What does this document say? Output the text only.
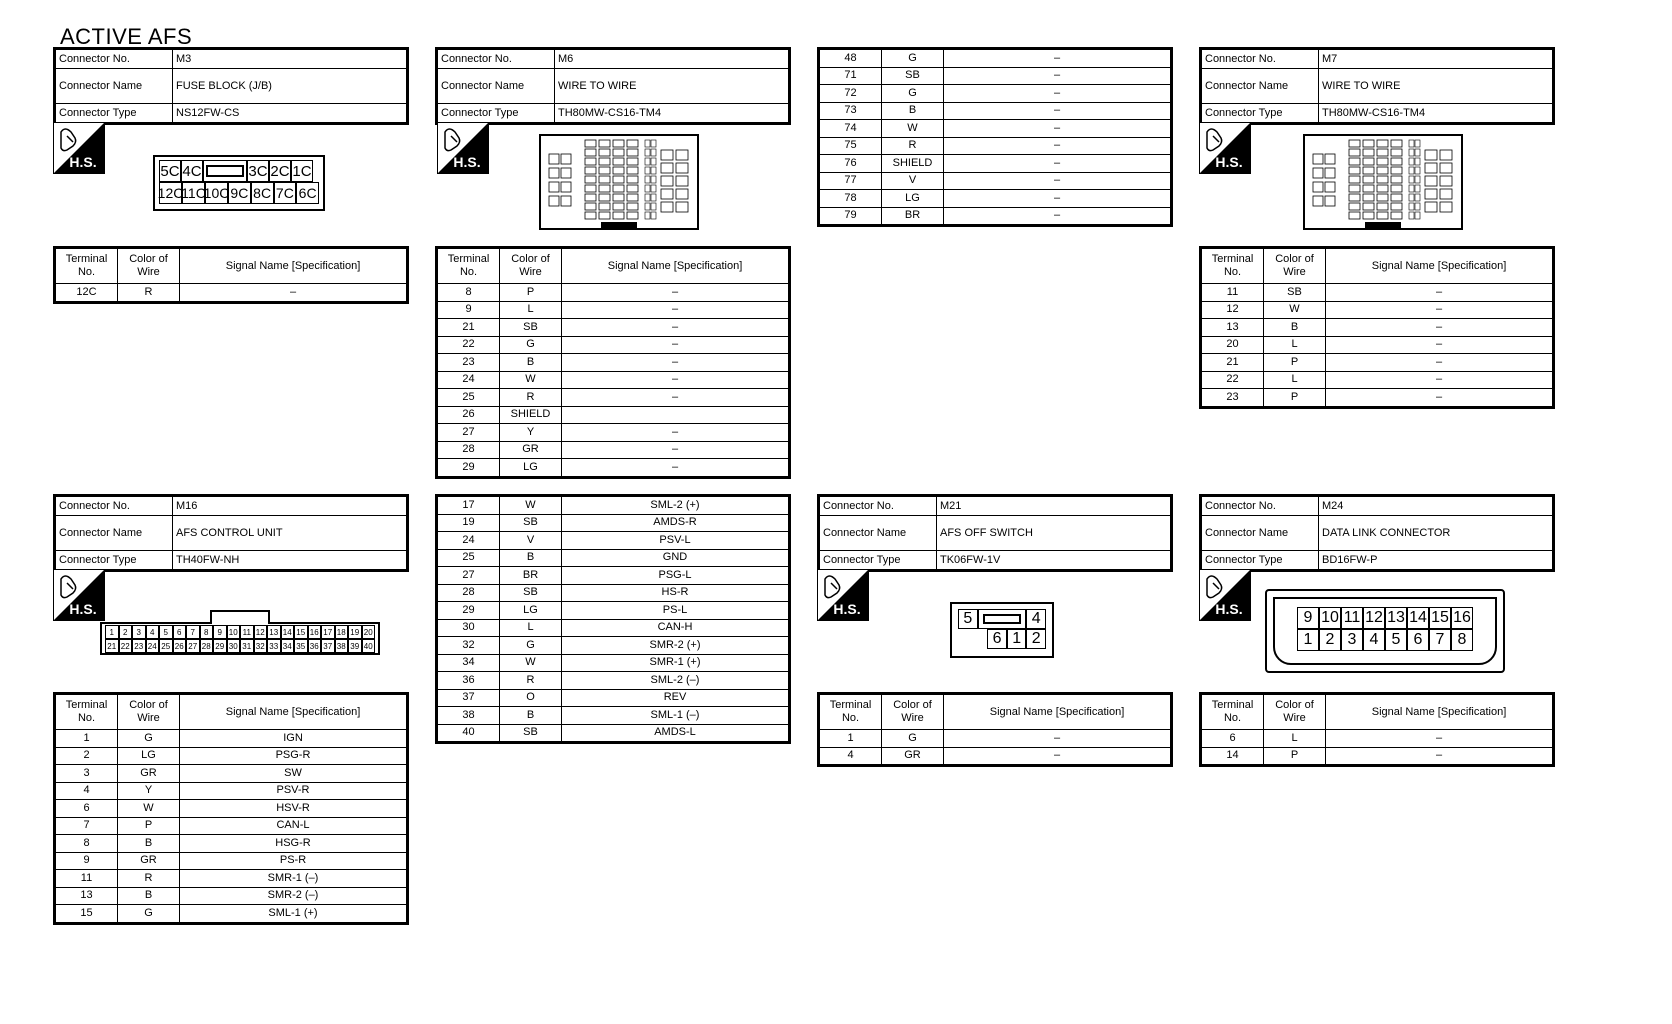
ACTIVE AFS
Connector No.	M3
Connector Name	FUSE BLOCK (J/B)
Connector Type	NS12FW-CS
H.S.
5C 4C	3C 2C 1C
12C
11C
10C 9C 8C 7C 6C
Terminal No.	Color of Wire	Signal Name [Specification]
12C	R	–
Connector No.	M6
Connector Name	WIRE TO WIRE
Connector Type	TH80MW-CS16-TM4
H.S.
Terminal No.	Color of Wire	Signal Name [Specification]
8	P	–
9	L	–
21	SB	–
22	G	–
23	B	–
24	W	–
25	R	–
26	SHIELD	
27	Y	–
28	GR	–
29	LG	–
48	G	–
71	SB	–
72	G	–
73	B	–
74	W	–
75	R	–
76	SHIELD	–
77	V	–
78	LG	–
79	BR	–
Connector No.	M7
Connector Name	WIRE TO WIRE
Connector Type	TH80MW-CS16-TM4
H.S.
Terminal No.	Color of Wire	Signal Name [Specification]
11	SB	–
12	W	–
13	B	–
20	L	–
21	P	–
22	L	–
23	P	–
Connector No.	M16
Connector Name	AFS CONTROL UNIT
Connector Type	TH40FW-NH
H.S.
1	2	3	4	5	6	7	8	9 10 11 12 13 14 15 16 17 18 19 20
21 22 23 24 25 26 27 28 29 30 31 32 33 34 35 36 37 38 39 40
Terminal No.	Color of Wire	Signal Name [Specification]
1	G	IGN
2	LG	PSG-R
3	GR	SW
4	Y	PSV-R
6	W	HSV-R
7	P	CAN-L
8	B	HSG-R
9	GR	PS-R
11	R	SMR-1 (–)
13	B	SMR-2 (–)
15	G	SML-1 (+)
17	W	SML-2 (+)
19	SB	AMDS-R
24	V	PSV-L
25	B	GND
27	BR	PSG-L
28	SB	HS-R
29	LG	PS-L
30	L	CAN-H
32	G	SMR-2 (+)
34	W	SMR-1 (+)
36	R	SML-2 (–)
37	O	REV
38	B	SML-1 (–)
40	SB	AMDS-L
Connector No.	M21
Connector Name	AFS OFF SWITCH
Connector Type	TK06FW-1V
H.S.
5	4
6 1 2
Terminal No.	Color of Wire	Signal Name [Specification]
1	G	–
4	GR	–
Connector No.	M24
Connector Name	DATA LINK CONNECTOR
Connector Type	BD16FW-P
H.S.	9 10 11 12 13 14 15 16
1 2 3 4 5 6 7 8
Terminal No.	Color of Wire	Signal Name [Specification]
6	L	–
14	P	–
